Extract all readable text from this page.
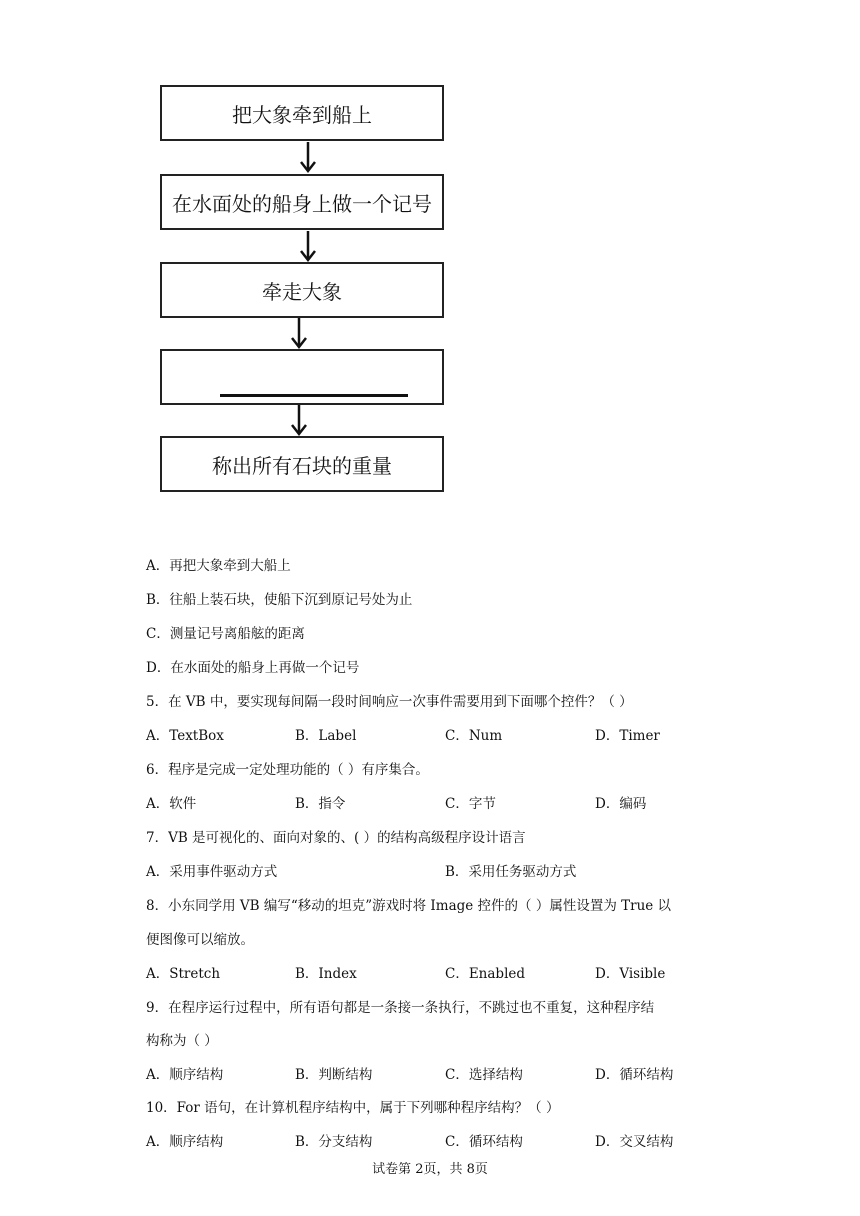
把大象牵到船上
在水面处的船身上做一个记号
牵走大象
称出所有石块的重量
A．再把大象牵到大船上
B．往船上装石块，使船下沉到原记号处为止
C．测量记号离船舷的距离
D．在水面处的船身上再做一个记号
5．在 VB 中，要实现每间隔一段时间响应一次事件需要用到下面哪个控件？（ ）
A．TextBox	B．Label	C．Num	D．Timer
6．程序是完成一定处理功能的（ ）有序集合。
A．软件	B．指令	C．字节	D．编码
7．VB 是可视化的、面向对象的、( ）的结构高级程序设计语言
A．采用事件驱动方式	B．采用任务驱动方式
8．小东同学用 VB 编写“移动的坦克”游戏时将 Image 控件的（ ）属性设置为 True 以
便图像可以缩放。
A．Stretch	B．Index	C．Enabled	D．Visible
9．在程序运行过程中，所有语句都是一条接一条执行，不跳过也不重复，这种程序结
构称为（ ）
A．顺序结构	B．判断结构	C．选择结构	D．循环结构
10．For 语句，在计算机程序结构中，属于下列哪种程序结构？（ ）
A．顺序结构	B．分支结构	C．循环结构	D．交叉结构
试卷第 2页，共 8页
